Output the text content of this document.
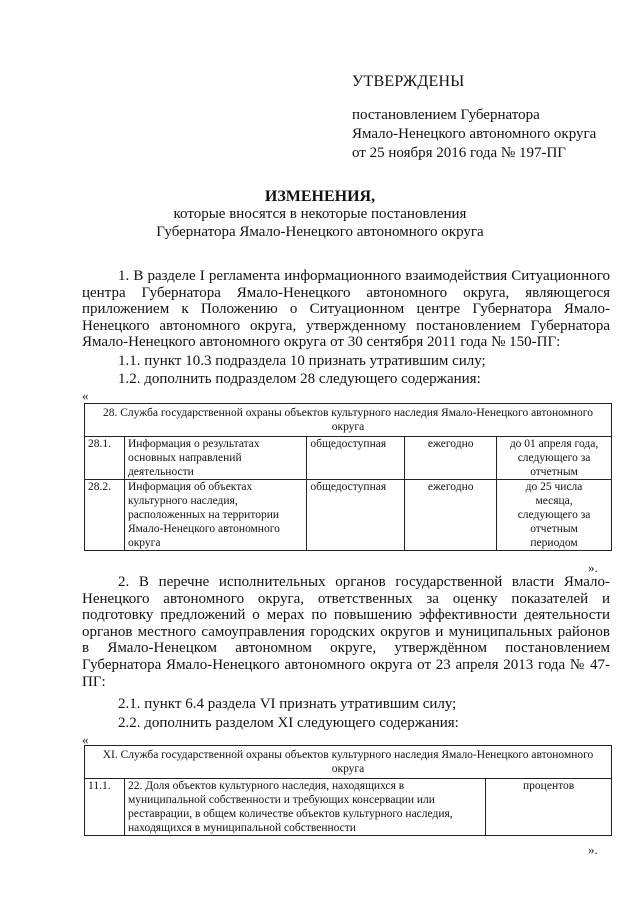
УТВЕРЖДЕНЫ
постановлением Губернатора
Ямало-Ненецкого автономного округа
от 25 ноября 2016 года № 197-ПГ
ИЗМЕНЕНИЯ,
которые вносятся в некоторые постановления
Губернатора Ямало-Ненецкого автономного округа
1. В разделе I регламента информационного взаимодействия Ситуационного центра Губернатора Ямало-Ненецкого автономного округа, являющегося приложением к Положению о Ситуационном центре Губернатора Ямало-Ненецкого автономного округа, утвержденному постановлением Губернатора Ямало-Ненецкого автономного округа от 30 сентября 2011 года № 150-ПГ:
1.1. пункт 10.3 подраздела 10 признать утратившим силу;
1.2. дополнить подразделом 28 следующего содержания:
«
28. Служба государственной охраны объектов культурного наследия Ямало-Ненецкого автономного округа				
28.1.	Информация о результатах основных направлений деятельности	общедоступная	ежегодно	до 01 апреля года, следующего за отчетным
28.2.	Информация об объектах культурного наследия, расположенных на территории Ямало-Ненецкого автономного округа	общедоступная	ежегодно	до 25 числа месяца, следующего за отчетным периодом
».
2. В перечне исполнительных органов государственной власти Ямало-Ненецкого автономного округа, ответственных за оценку показателей и подготовку предложений о мерах по повышению эффективности деятельности органов местного самоуправления городских округов и муниципальных районов в Ямало-Ненецком автономном округе, утверждённом постановлением Губернатора Ямало-Ненецкого автономного округа от 23 апреля 2013 года № 47-ПГ:
2.1. пункт 6.4 раздела VI признать утратившим силу;
2.2. дополнить разделом XI следующего содержания:
«
XI. Служба государственной охраны объектов культурного наследия Ямало-Ненецкого автономного округа
11.1.	22. Доля объектов культурного наследия, находящихся в муниципальной собственности и требующих консервации или реставрации, в общем количестве объектов культурного наследия, находящихся в муниципальной собственности	процентов
».
